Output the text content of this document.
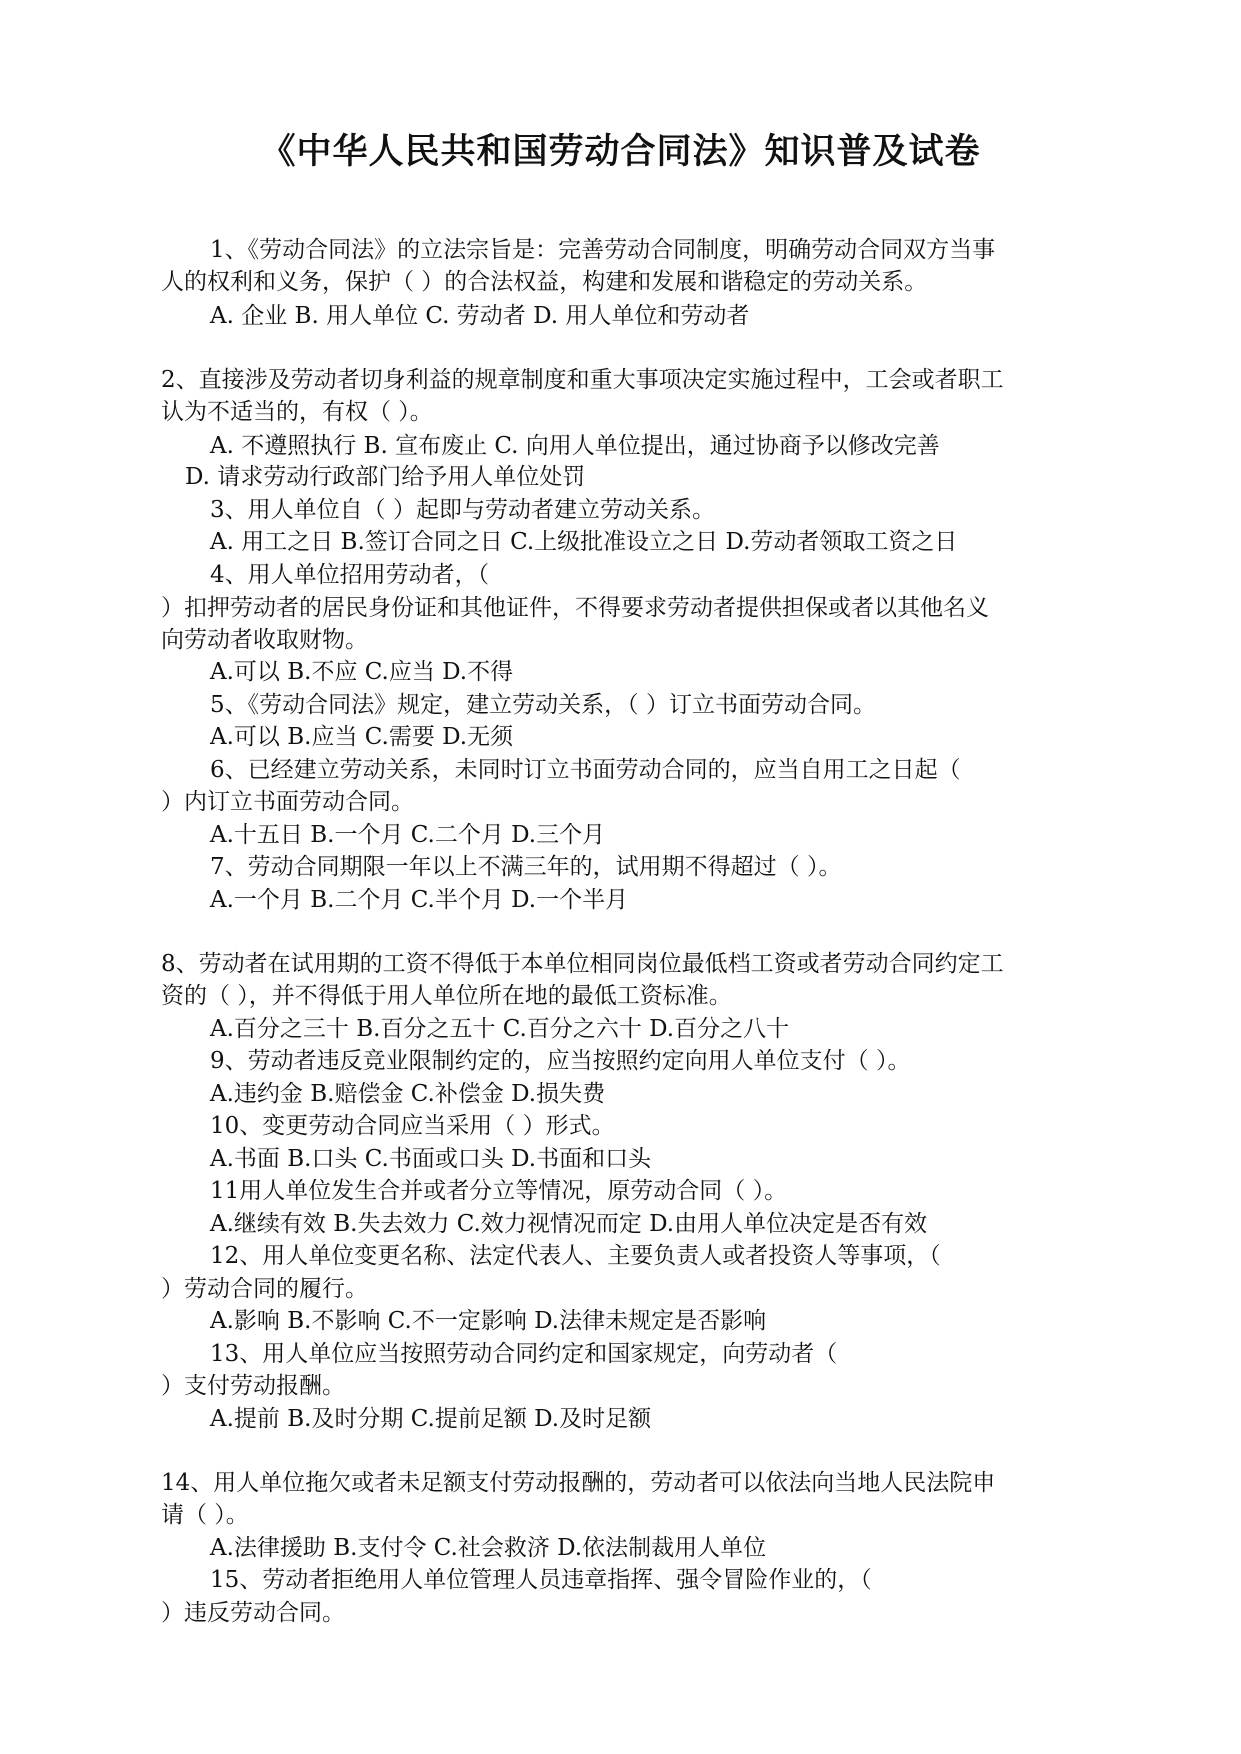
《中华人民共和国劳动合同法》知识普及试卷
1、《劳动合同法》的立法宗旨是：完善劳动合同制度，明确劳动合同双方当事
人的权利和义务，保护（ ）的合法权益，构建和发展和谐稳定的劳动关系。
A. 企业 B. 用人单位 C. 劳动者 D. 用人单位和劳动者
2、直接涉及劳动者切身利益的规章制度和重大事项决定实施过程中，工会或者职工
认为不适当的，有权（ ）。
A. 不遵照执行 B. 宣布废止 C. 向用人单位提出，通过协商予以修改完善
D. 请求劳动行政部门给予用人单位处罚
3、用人单位自（ ）起即与劳动者建立劳动关系。
A. 用工之日 B.签订合同之日 C.上级批准设立之日 D.劳动者领取工资之日
4、用人单位招用劳动者，（
）扣押劳动者的居民身份证和其他证件，不得要求劳动者提供担保或者以其他名义
向劳动者收取财物。
A.可以 B.不应 C.应当 D.不得
5、《劳动合同法》规定，建立劳动关系，（ ）订立书面劳动合同。
A.可以 B.应当 C.需要 D.无须
6、已经建立劳动关系，未同时订立书面劳动合同的，应当自用工之日起（
）内订立书面劳动合同。
A.十五日 B.一个月 C.二个月 D.三个月
7、劳动合同期限一年以上不满三年的，试用期不得超过（ ）。
A.一个月 B.二个月 C.半个月 D.一个半月
8、劳动者在试用期的工资不得低于本单位相同岗位最低档工资或者劳动合同约定工
资的（ ），并不得低于用人单位所在地的最低工资标准。
A.百分之三十 B.百分之五十 C.百分之六十 D.百分之八十
9、劳动者违反竞业限制约定的，应当按照约定向用人单位支付（ ）。
A.违约金 B.赔偿金 C.补偿金 D.损失费
10、变更劳动合同应当采用（ ）形式。
A.书面 B.口头 C.书面或口头 D.书面和口头
11用人单位发生合并或者分立等情况，原劳动合同（ ）。
A.继续有效 B.失去效力 C.效力视情况而定 D.由用人单位决定是否有效
12、用人单位变更名称、法定代表人、主要负责人或者投资人等事项，（
）劳动合同的履行。
A.影响 B.不影响 C.不一定影响 D.法律未规定是否影响
13、用人单位应当按照劳动合同约定和国家规定，向劳动者（
）支付劳动报酬。
A.提前 B.及时分期 C.提前足额 D.及时足额
14、用人单位拖欠或者未足额支付劳动报酬的，劳动者可以依法向当地人民法院申
请（ ）。
A.法律援助 B.支付令 C.社会救济 D.依法制裁用人单位
15、劳动者拒绝用人单位管理人员违章指挥、强令冒险作业的，（
）违反劳动合同。
